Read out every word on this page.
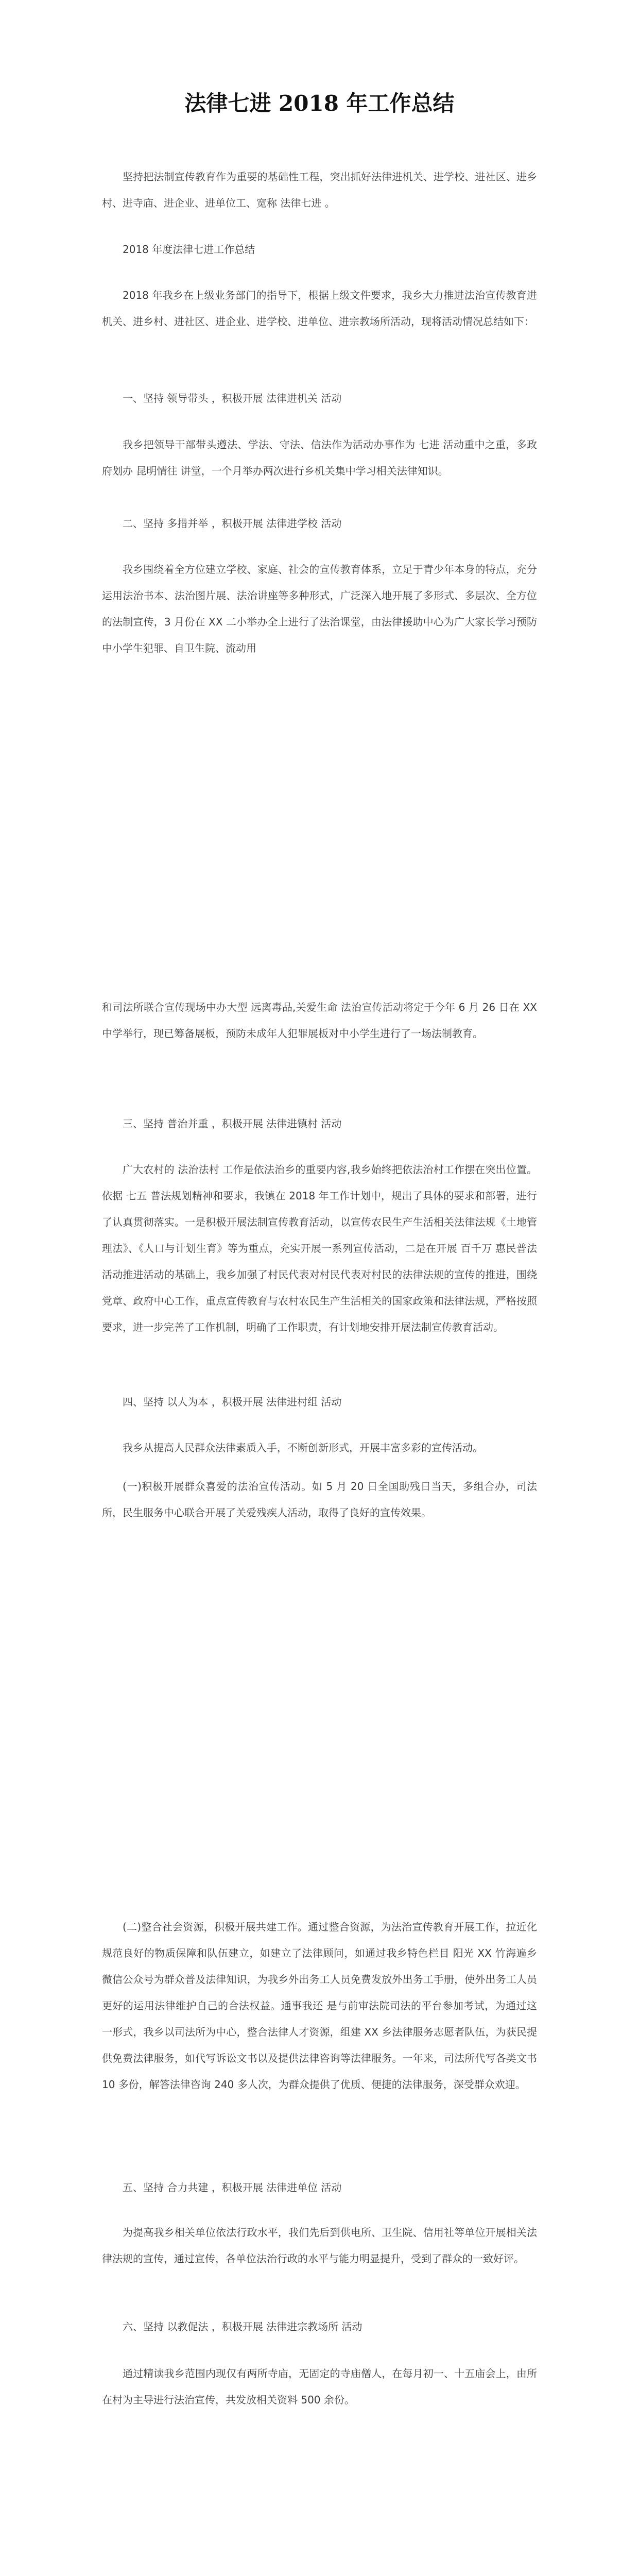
法律七进 2018 年工作总结

坚持把法制宣传教育作为重要的基础性工程，突出抓好法律进机关、进学校、进社区、进乡村、进寺庙、进企业、进单位工、宽称 法律七进 。

2018 年度法律七进工作总结

2018 年我乡在上级业务部门的指导下，根据上级文件要求，我乡大力推进法治宣传教育进机关、进乡村、进社区、进企业、进学校、进单位、进宗教场所活动，现将活动情况总结如下：

一、坚持 领导带头 ，积极开展 法律进机关 活动

我乡把领导干部带头遵法、学法、守法、信法作为活动办事作为 七进 活动重中之重，多政府划办 昆明情往 讲堂，一个月举办两次进行乡机关集中学习相关法律知识。

二、坚持 多措并举 ，积极开展 法律进学校 活动

我乡围绕着全方位建立学校、家庭、社会的宣传教育体系，立足于青少年本身的特点，充分运用法治书本、法治图片展、法治讲座等多种形式，广泛深入地开展了多形式、多层次、全方位的法制宣传，3 月份在 XX 二小举办全上进行了法治课堂，由法律援助中心为广大家长学习预防中小学生犯罪、自卫生院、流动用

和司法所联合宣传现场中办大型 远离毒品,关爱生命 法治宣传活动将定于今年 6 月 26 日在 XX 中学举行，现已筹备展板，预防未成年人犯罪展板对中小学生进行了一场法制教育。

三、坚持 普治并重 ，积极开展 法律进镇村 活动

广大农村的 法治法村 工作是依法治乡的重要内容,我乡始终把依法治村工作摆在突出位置。依据 七五 普法规划精神和要求，我镇在 2018 年工作计划中，规出了具体的要求和部署，进行了认真贯彻落实。一是积极开展法制宣传教育活动，以宣传农民生产生活相关法律法规《土地管理法》、《人口与计划生育》等为重点，充实开展一系列宣传活动，二是在开展 百千万 惠民普法活动推进活动的基础上，我乡加强了村民代表对村民代表对村民的法律法规的宣传的推进，围绕党章、政府中心工作，重点宣传教育与农村农民生产生活相关的国家政策和法律法规，严格按照要求，进一步完善了工作机制，明确了工作职责，有计划地安排开展法制宣传教育活动。

四、坚持 以人为本 ，积极开展 法律进村组 活动

我乡从提高人民群众法律素质入手，不断创新形式，开展丰富多彩的宣传活动。

(一)积极开展群众喜爱的法治宣传活动。如 5 月 20 日全国助残日当天，多组合办，司法所，民生服务中心联合开展了关爱残疾人活动，取得了良好的宣传效果。

(二)整合社会资源，积极开展共建工作。通过整合资源，为法治宣传教育开展工作，拉近化规范良好的物质保障和队伍建立，如建立了法律顾问，如通过我乡特色栏目 阳光 XX 竹海遍乡 微信公众号为群众普及法律知识，为我乡外出务工人员免费发放外出务工手册，使外出务工人员更好的运用法律维护自己的合法权益。通事我还 是与前审法院司法的平台参加考试，为通过这一形式，我乡以司法所为中心，整合法律人才资源，组建 XX 乡法律服务志愿者队伍，为获民提供免费法律服务，如代写诉讼文书以及提供法律咨询等法律服务。一年来，司法所代写各类文书 10 多份，解答法律咨询 240 多人次，为群众提供了优质、便捷的法律服务，深受群众欢迎。

五、坚持 合力共建 ，积极开展 法律进单位 活动

为提高我乡相关单位依法行政水平，我们先后到供电所、卫生院、信用社等单位开展相关法律法规的宣传，通过宣传，各单位法治行政的水平与能力明显提升，受到了群众的一致好评。

六、坚持 以教促法 ，积极开展 法律进宗教场所 活动

通过精读我乡范围内现仅有两所寺庙，无固定的寺庙僧人，在每月初一、十五庙会上，由所在村为主导进行法治宣传，共发放相关资料 500 余份。
